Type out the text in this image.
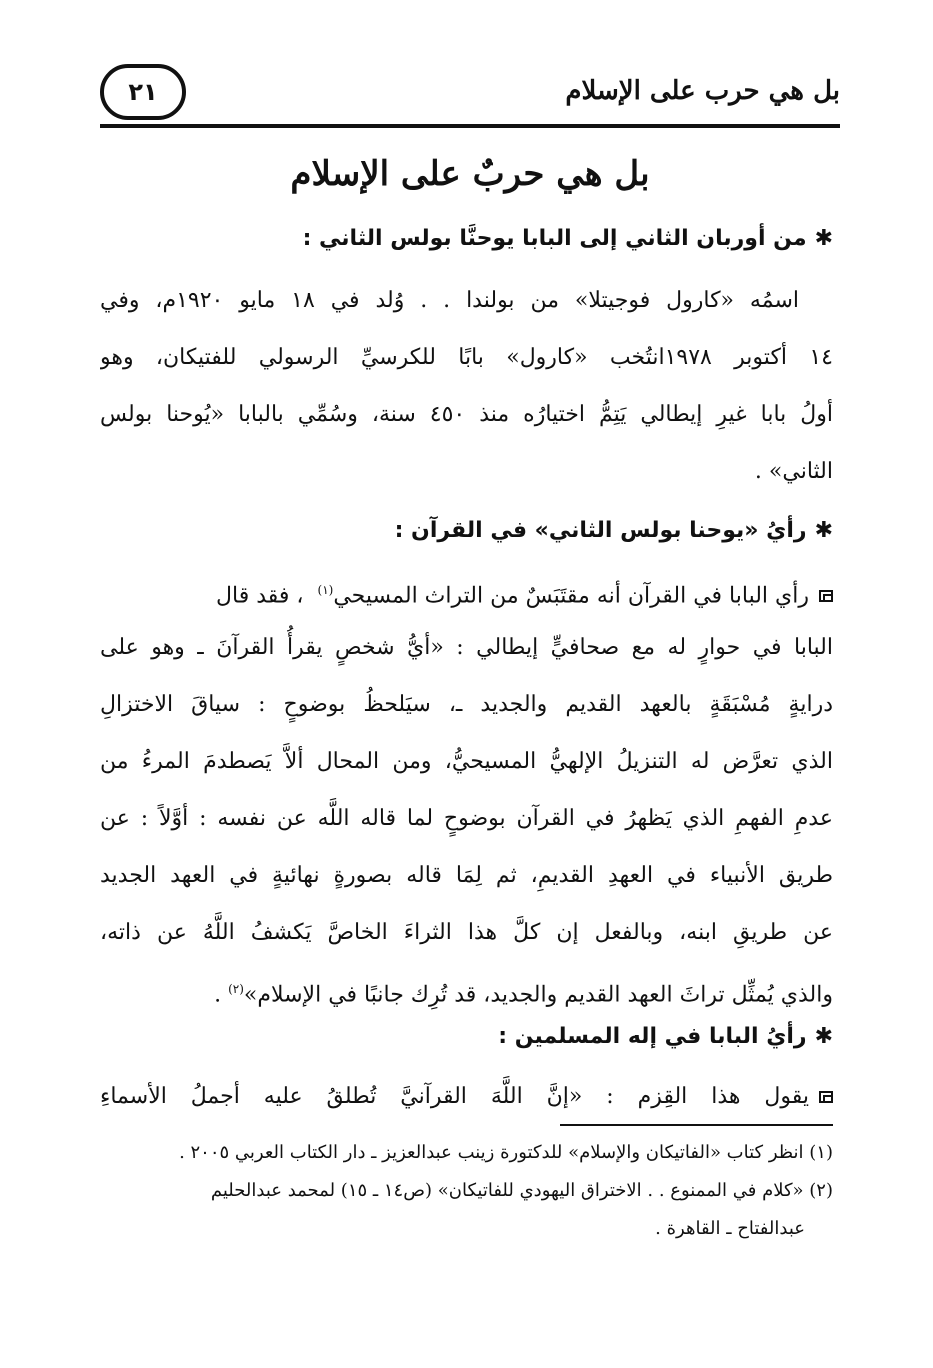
٢١	بل هي حرب على الإسلام
بل هي حربٌ على الإسلام
✱من أوربان الثاني إلى البابا يوحنَّا بولس الثاني :
اسمُه «كارول فوجيتلا» من بولندا . . وُلد في ١٨ مايو ١٩٢٠م، وفي
١٤ أكتوبر ١٩٧٨انتُخب «كارول» بابًا للكرسيِّ الرسولي للفتيكان، وهو
أولُ بابا غيرِ إيطالي يَتِمُّ اختيارُه منذ ٤٥٠ سنة، وسُمِّي بالبابا «يُوحنا بولس
الثاني» .
✱رأيُ «يوحنا بولس الثاني» في القرآن :
رأي البابا في القرآن أنه مقتَبَسٌ من التراث المسيحي$^{(١)}$  ، فقد قال
البابا في حوارٍ له مع صحافيٍّ إيطالي : «أيُّ شخصٍ يقرأُ القرآنَ ـ وهو على
درايةٍ مُسْبَقَةٍ بالعهد القديم والجديد ـ، سيَلحظُ بوضوحٍ : سياقَ الاختزالِ
الذي تعرَّض له التنزيلُ الإلهيُّ المسيحيُّ، ومن المحال ألاَّ يَصطدمَ المرءُ من
عدمِ الفهمِ الذي يَظهرُ في القرآن بوضوحٍ لما قاله اللَّه عن نفسه : أوَّلاً : عن
طريق الأنبياء في العهدِ القديمِ، ثم لِمَا قاله بصورةٍ نهائيةٍ في العهد الجديد
عن طريقِ ابنه، وبالفعل إن كلَّ هذا الثراءَ الخاصَّ يَكشفُ اللَّهُ عن ذاته،
والذي يُمثِّل تراثَ العهد القديم والجديد، قد تُرِك جانبًا في الإسلام»$^{(٢)}$ .
✱رأيُ البابا في إله المسلمين :
يقول هذا القِزم : «إنَّ اللَّهَ القرآنيَّ تُطلقُ عليه أجملُ الأسماءِ
(١) انظر كتاب «الفاتيكان والإسلام» للدكتورة زينب عبدالعزيز ـ دار الكتاب العربي ٢٠٠٥ .
(٢) «كلام في الممنوع . . الاختراق اليهودي للفاتيكان» (ص١٤ ـ ١٥) لمحمد عبدالحليم
عبدالفتاح ـ القاهرة .
